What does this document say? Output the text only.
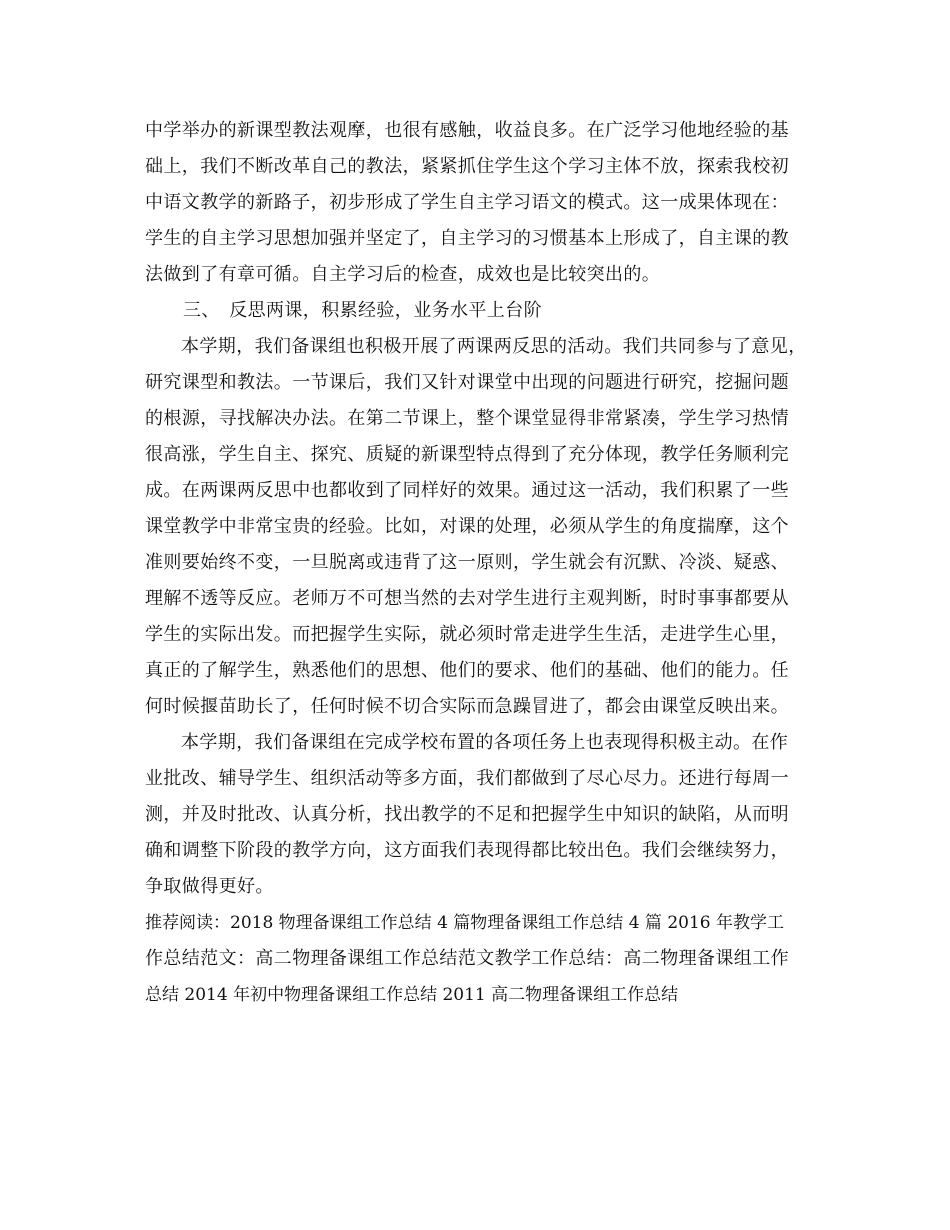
中学举办的新课型教法观摩，也很有感触，收益良多。在广泛学习他地经验的基
础上，我们不断改革自己的教法，紧紧抓住学生这个学习主体不放，探索我校初
中语文教学的新路子，初步形成了学生自主学习语文的模式。这一成果体现在：
学生的自主学习思想加强并坚定了，自主学习的习惯基本上形成了，自主课的教
法做到了有章可循。自主学习后的检查，成效也是比较突出的。
三、　反思两课，积累经验，业务水平上台阶
本学期，我们备课组也积极开展了两课两反思的活动。我们共同参与了意见，
研究课型和教法。一节课后，我们又针对课堂中出现的问题进行研究，挖掘问题
的根源，寻找解决办法。在第二节课上，整个课堂显得非常紧凑，学生学习热情
很高涨，学生自主、探究、质疑的新课型特点得到了充分体现，教学任务顺利完
成。在两课两反思中也都收到了同样好的效果。通过这一活动，我们积累了一些
课堂教学中非常宝贵的经验。比如，对课的处理，必须从学生的角度揣摩，这个
准则要始终不变，一旦脱离或违背了这一原则，学生就会有沉默、冷淡、疑惑、
理解不透等反应。老师万不可想当然的去对学生进行主观判断，时时事事都要从
学生的实际出发。而把握学生实际，就必须时常走进学生生活，走进学生心里，
真正的了解学生，熟悉他们的思想、他们的要求、他们的基础、他们的能力。任
何时候揠苗助长了，任何时候不切合实际而急躁冒进了，都会由课堂反映出来。
本学期，我们备课组在完成学校布置的各项任务上也表现得积极主动。在作
业批改、辅导学生、组织活动等多方面，我们都做到了尽心尽力。还进行每周一
测，并及时批改、认真分析，找出教学的不足和把握学生中知识的缺陷，从而明
确和调整下阶段的教学方向，这方面我们表现得都比较出色。我们会继续努力，
争取做得更好。
推荐阅读：2018 物理备课组工作总结 4 篇物理备课组工作总结 4 篇 2016 年教学工
作总结范文：高二物理备课组工作总结范文教学工作总结：高二物理备课组工作
总结 2014 年初中物理备课组工作总结 2011 高二物理备课组工作总结
